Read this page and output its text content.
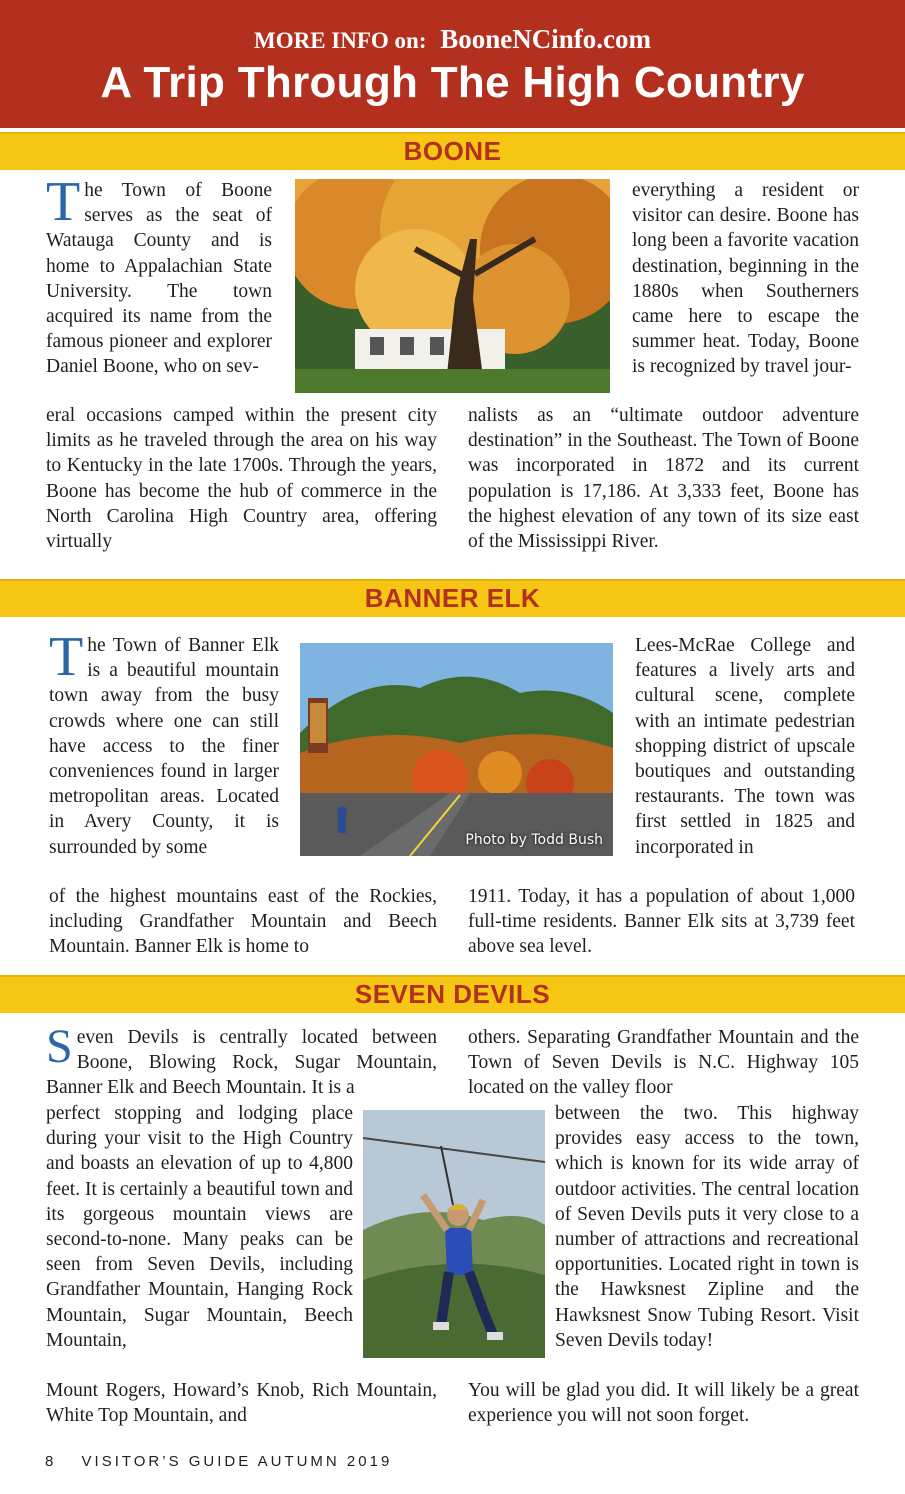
MORE INFO on: BooneNCinfo.com
A Trip Through The High Country
BOONE

The Town of Boone serves as the seat of Watauga County and is home to Appalachian State University. The town acquired its name from the famous pioneer and explorer Daniel Boone, who on sev-

everything a resident or visitor can desire. Boone has long been a favorite vacation destination, beginning in the 1880s when Southerners came here to escape the summer heat. Today, Boone is recognized by travel jour-

eral occasions camped within the present city limits as he traveled through the area on his way to Kentucky in the late 1700s. Through the years, Boone has become the hub of commerce in the North Carolina High Country area, offering virtually

nalists as an “ultimate outdoor adventure destination” in the Southeast. The Town of Boone was incorporated in 1872 and its current population is 17,186. At 3,333 feet, Boone has the highest elevation of any town of its size east of the Mississippi River.

BANNER ELK

The Town of Banner Elk is a beautiful mountain town away from the busy crowds where one can still have access to the finer conveniences found in larger metropolitan areas. Located in Avery County, it is surrounded by some	Photo by Todd Bush

Lees-McRae College and features a lively arts and cultural scene, complete with an intimate pedestrian shopping district of upscale boutiques and outstanding restaurants. The town was first settled in 1825 and incorporated in

of the highest mountains east of the Rockies, including Grandfather Mountain and Beech Mountain. Banner Elk is home to

1911. Today, it has a population of about 1,000 full-time residents. Banner Elk sits at 3,739 feet above sea level.

SEVEN DEVILS

Seven Devils is centrally located between Boone, Blowing Rock, Sugar Mountain, Banner Elk and Beech Mountain. It is a

perfect stopping and lodging place during your visit to the High Country and boasts an elevation of up to 4,800 feet. It is certainly a beautiful town and its gorgeous mountain views are second-to-none. Many peaks can be seen from Seven Devils, including Grandfather Mountain, Hanging Rock Mountain, Sugar Mountain, Beech Mountain,

others. Separating Grandfather Mountain and the Town of Seven Devils is N.C. Highway 105 located on the valley floor

between the two. This highway provides easy access to the town, which is known for its wide array of outdoor activities. The central location of Seven Devils puts it very close to a number of attractions and recreational opportunities. Located right in town is the Hawksnest Zipline and the Hawksnest Snow Tubing Resort. Visit Seven Devils today!

Mount Rogers, Howard’s Knob, Rich Mountain, White Top Mountain, and

You will be glad you did. It will likely be a great experience you will not soon forget.

8 VISITOR’S GUIDE AUTUMN 2019
